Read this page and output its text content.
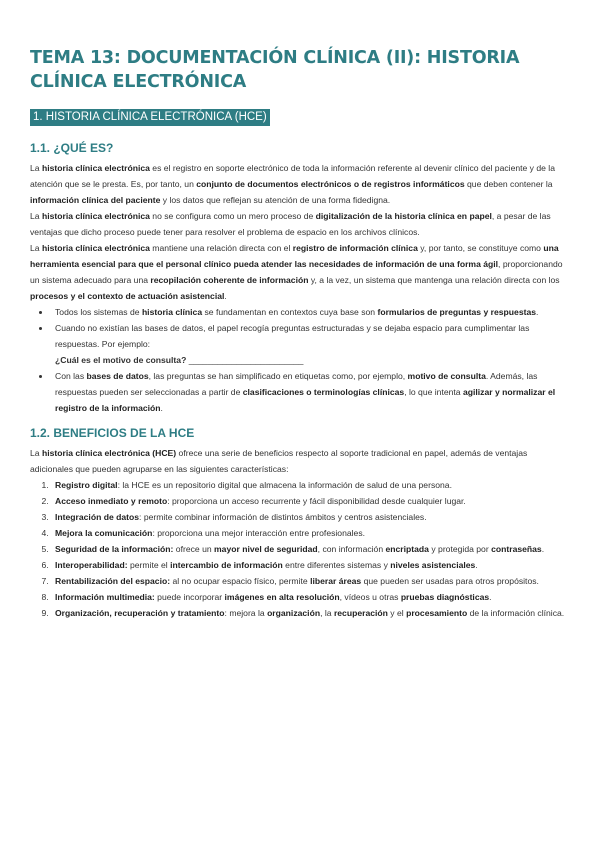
TEMA 13: DOCUMENTACIÓN CLÍNICA (II): HISTORIA CLÍNICA ELECTRÓNICA
1. HISTORIA CLÍNICA ELECTRÓNICA (HCE)
1.1. ¿QUÉ ES?

La historia clínica electrónica es el registro en soporte electrónico de toda la información referente al devenir clínico del paciente y de la atención que se le presta. Es, por tanto, un conjunto de documentos electrónicos o de registros informáticos que deben contener la información clínica del paciente y los datos que reflejan su atención de una forma fidedigna.

La historia clínica electrónica no se configura como un mero proceso de digitalización de la historia clínica en papel, a pesar de las ventajas que dicho proceso puede tener para resolver el problema de espacio en los archivos clínicos.

La historia clínica electrónica mantiene una relación directa con el registro de información clínica y, por tanto, se constituye como una herramienta esencial para que el personal clínico pueda atender las necesidades de información de una forma ágil, proporcionando un sistema adecuado para una recopilación coherente de información y, a la vez, un sistema que mantenga una relación directa con los procesos y el contexto de actuación asistencial.

• Todos los sistemas de historia clínica se fundamentan en contextos cuya base son formularios de preguntas y respuestas.
• Cuando no existían las bases de datos, el papel recogía preguntas estructuradas y se dejaba espacio para cumplimentar las respuestas. Por ejemplo:
¿Cuál es el motivo de consulta? ________________________
• Con las bases de datos, las preguntas se han simplificado en etiquetas como, por ejemplo, motivo de consulta. Además, las respuestas pueden ser seleccionadas a partir de clasificaciones o terminologías clínicas, lo que intenta agilizar y normalizar el registro de la información.
1.2. BENEFICIOS DE LA HCE

La historia clínica electrónica (HCE) ofrece una serie de beneficios respecto al soporte tradicional en papel, además de ventajas adicionales que pueden agruparse en las siguientes características:

1. Registro digital: la HCE es un repositorio digital que almacena la información de salud de una persona.
2. Acceso inmediato y remoto: proporciona un acceso recurrente y fácil disponibilidad desde cualquier lugar.
3. Integración de datos: permite combinar información de distintos ámbitos y centros asistenciales.
4. Mejora la comunicación: proporciona una mejor interacción entre profesionales.
5. Seguridad de la información: ofrece un mayor nivel de seguridad, con información encriptada y protegida por contraseñas.
6. Interoperabilidad: permite el intercambio de información entre diferentes sistemas y niveles asistenciales.
7. Rentabilización del espacio: al no ocupar espacio físico, permite liberar áreas que pueden ser usadas para otros propósitos.
8. Información multimedia: puede incorporar imágenes en alta resolución, vídeos u otras pruebas diagnósticas.
9. Organización, recuperación y tratamiento: mejora la organización, la recuperación y el procesamiento de la información clínica.
